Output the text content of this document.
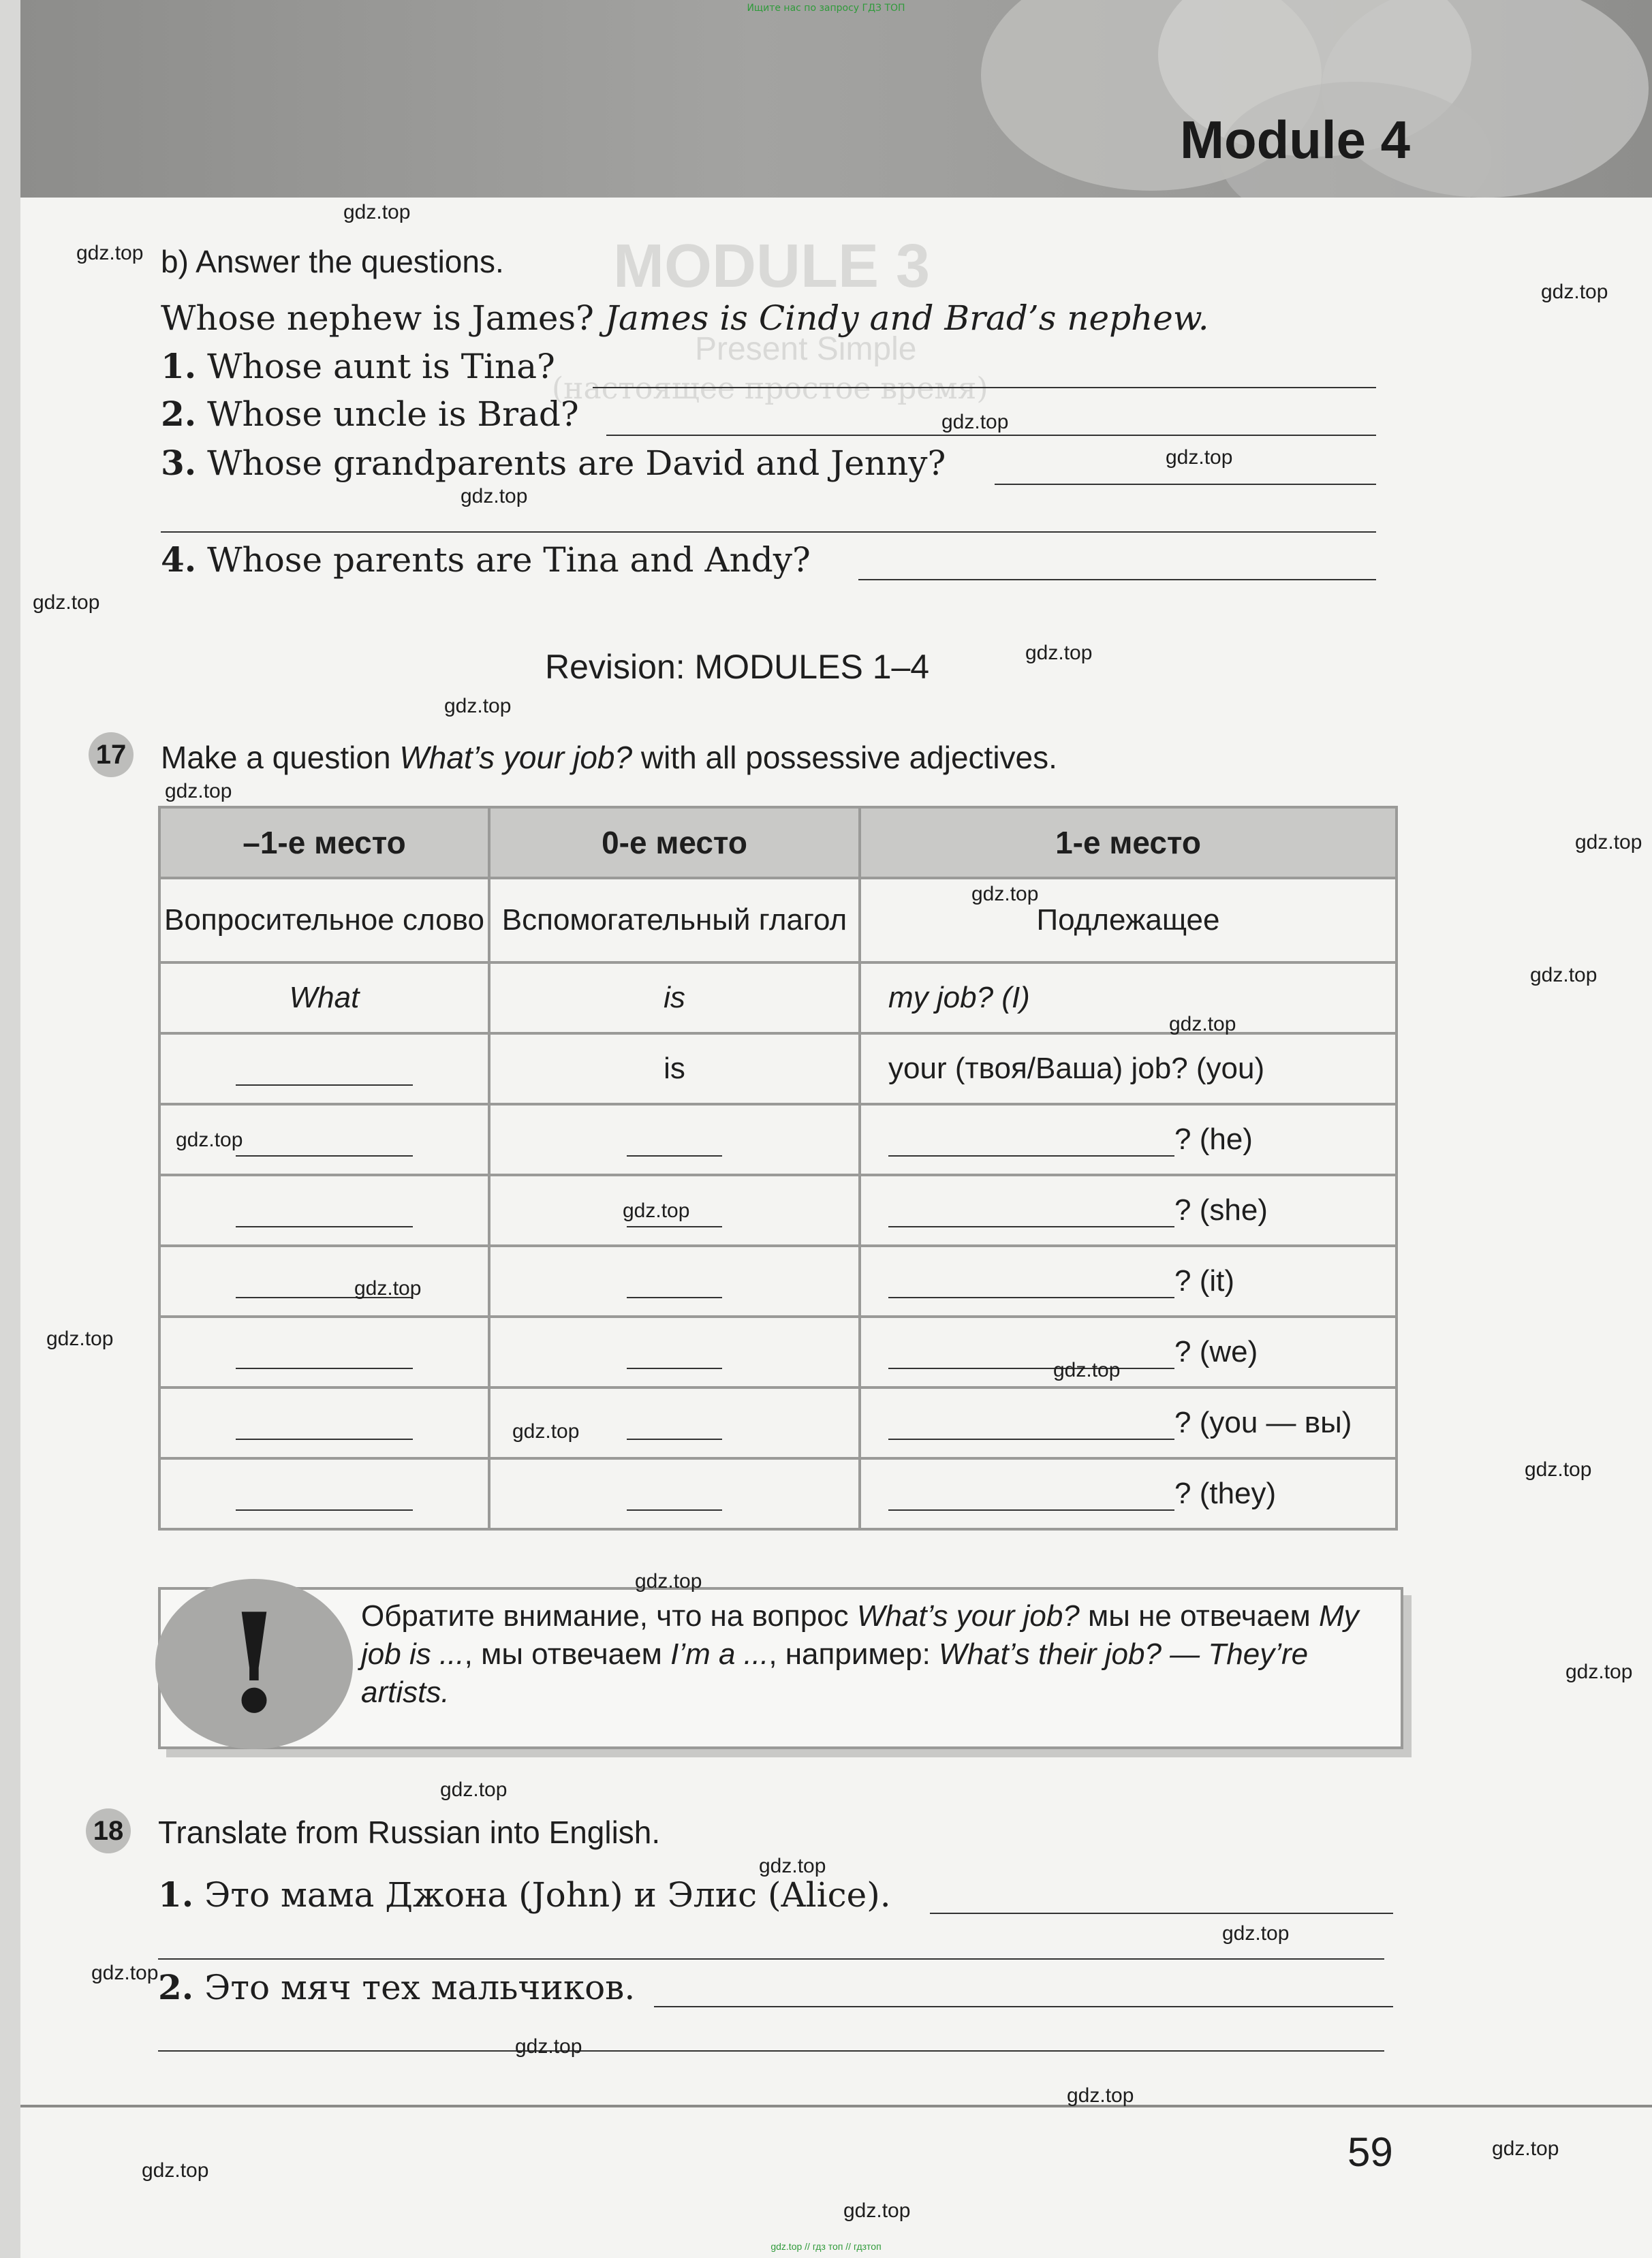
Ищите нас по запросу ГДЗ ТОП
Module 4
MODULE 3
Present Simple
(настоящее простое время)
b) Answer the questions.
Whose nephew is James? James is Cindy and Brad’s nephew.
1. Whose aunt is Tina?
2. Whose uncle is Brad?
3. Whose grandparents are David and Jenny?
4. Whose parents are Tina and Andy?
Revision: MODULES 1–4
17 Make a question What’s your job? with all possessive adjectives.
–1-е место	0-е место	1-е место
Вопросительное слово	Вспомогательный глагол	Подлежащее
What	is	my job? (I)
	is	your (твоя/Ваша) job? (you)
		? (he)
		? (she)
		? (it)
		? (we)
		? (you — вы)
		? (they)
!	Обратите внимание, что на вопрос What’s your job? мы не отвечаем My job is ..., мы отвечаем I’m a ..., например: What’s their job? — They’re artists.
18 Translate from Russian into English.
1. Это мама Джона (John) и Элис (Alice).
2. Это мяч тех мальчиков.
59
gdz.top // гдз топ // гдзтоп
gdz.top
gdz.top
gdz.top
gdz.top
gdz.top
gdz.top
gdz.top
gdz.top
gdz.top
gdz.top
gdz.top
gdz.top
gdz.top
gdz.top
gdz.top
gdz.top
gdz.top
gdz.top
gdz.top
gdz.top
gdz.top
gdz.top
gdz.top
gdz.top
gdz.top
gdz.top
gdz.top
gdz.top
gdz.top
gdz.top
gdz.top
gdz.top
